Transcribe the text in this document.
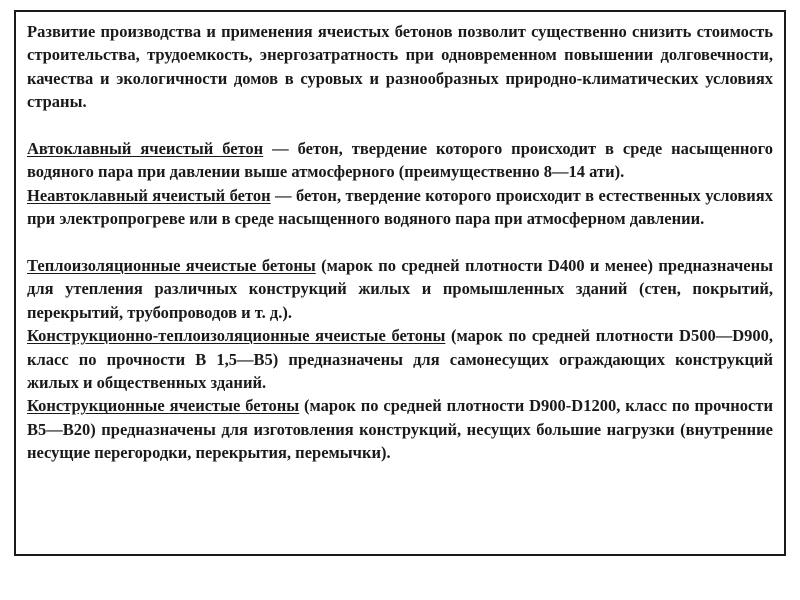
Развитие производства и применения ячеистых бетонов позволит существенно снизить стоимость строительства, трудоемкость, энергозатратность при одновременном повышении долговечности, качества и экологичности домов в суровых и разнообразных природно-климатических условиях страны.

Автоклавный ячеистый бетон — бетон, твердение которого происходит в среде насыщенного водяного пара при давлении выше атмосферного (преимущественно 8—14 ати).

Неавтоклавный ячеистый бетон — бетон, твердение которого происходит в естественных условиях при электропрогреве или в среде насыщенного водяного пара при атмосферном давлении.

Теплоизоляционные ячеистые бетоны (марок по средней плотности D400 и менее) предназначены для утепления различных конструкций жилых и промышленных зданий (стен, покрытий, перекрытий, трубопроводов и т. д.).

Конструкционно-теплоизоляционные ячеистые бетоны (марок по средней плотности D500—D900, класс по прочности В 1,5—В5) предназначены для самонесущих ограждающих конструкций жилых и общественных зданий.

Конструкционные ячеистые бетоны (марок по средней плотности D900-D1200, класс по прочности В5—В20) предназначены для изготовления конструкций, несущих большие нагрузки (внутренние несущие перегородки, перекрытия, перемычки).
